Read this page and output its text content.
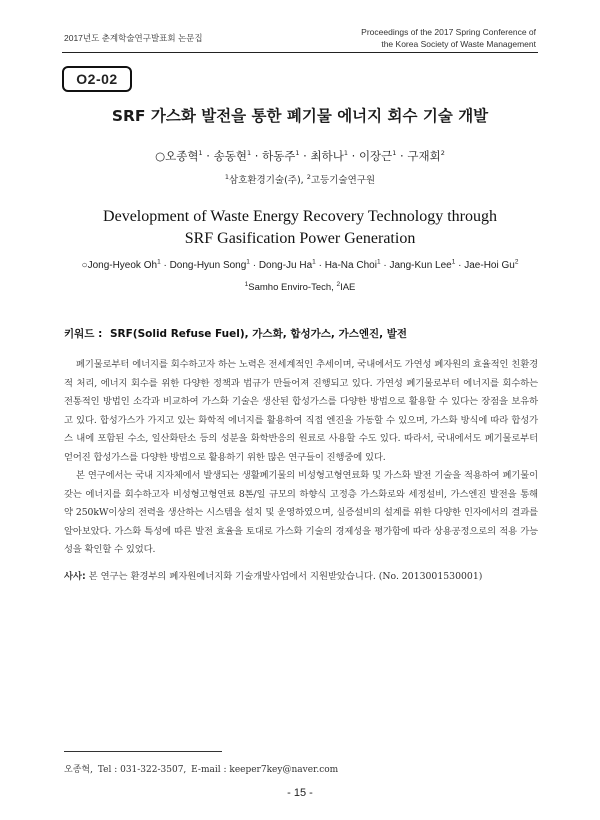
2017년도 춘계학술연구발표회 논문집
Proceedings of the 2017 Spring Conference of
the Korea Society of Waste Management
O2-02
SRF 가스화 발전을 통한 폐기물 에너지 회수 기술 개발
○오종혁$^1$ · 송동현$^1$ · 하동주$^1$ · 최하나$^1$ · 이장근$^1$ · 구재회$^2$
$^1$삼호환경기술(주), $^2$고등기술연구원
Development of Waste Energy Recovery Technology through
SRF Gasification Power Generation
○Jong-Hyeok $Oh^1$ · Dong-Hyun Song$^1$ · Dong-Ju $Ha^1 \cdot Ha-Na$ Choi$^1$ · Jang-Kun Lee$^1$ · Jae-Hoi Gu$^2$
$^1$Samho Enviro-Tech, $^2$IAE
키워드 : SRF(Solid Refuse Fuel), 가스화, 합성가스, 가스엔진, 발전

폐기물로부터 에너지를 회수하고자 하는 노력은 전세계적인 추세이며, 국내에서도 가연성 폐자원의 효율적인 친환경적 처리, 에너지 회수를 위한 다양한 정책과 법규가 만들어져 진행되고 있다. 가연성 폐기물로부터 에너지를 회수하는 전통적인 방법인 소각과 비교하여 가스화 기술은 생산된 합성가스를 다양한 방법으로 활용할 수 있다는 장점을 보유하고 있다. 합성가스가 가지고 있는 화학적 에너지를 활용하여 직접 엔진을 가동할 수 있으며, 가스화 방식에 따라 합성가스 내에 포함된 수소, 일산화탄소 등의 성분을 화학반응의 원료로 사용할 수도 있다. 따라서, 국내에서도 폐기물로부터 얻어진 합성가스를 다양한 방법으로 활용하기 위한 많은 연구들이 진행중에 있다.

본 연구에서는 국내 지자체에서 발생되는 생활폐기물의 비성형고형연료화 및 가스화 발전 기술을 적용하여 폐기물이 갖는 에너지를 회수하고자 비성형고형연료 8톤/일 규모의 하향식 고정층 가스화로와 세정설비, 가스엔진 발전을 통해 약 250kW이상의 전력을 생산하는 시스템을 설치 및 운영하였으며, 실증설비의 설계를 위한 다양한 인자에서의 결과를 알아보았다. 가스화 특성에 따른 발전 효율을 토대로 가스화 기술의 경제성을 평가함에 따라 상용공정으로의 적용 가능성을 확인할 수 있었다.

사사: 본 연구는 환경부의 폐자원에너지화 기술개발사업에서 지원받았습니다. (No. 2013001530001)
오종혁, Tel : 031-322-3507, E-mail : keeper7key@naver.com
- 15 -
